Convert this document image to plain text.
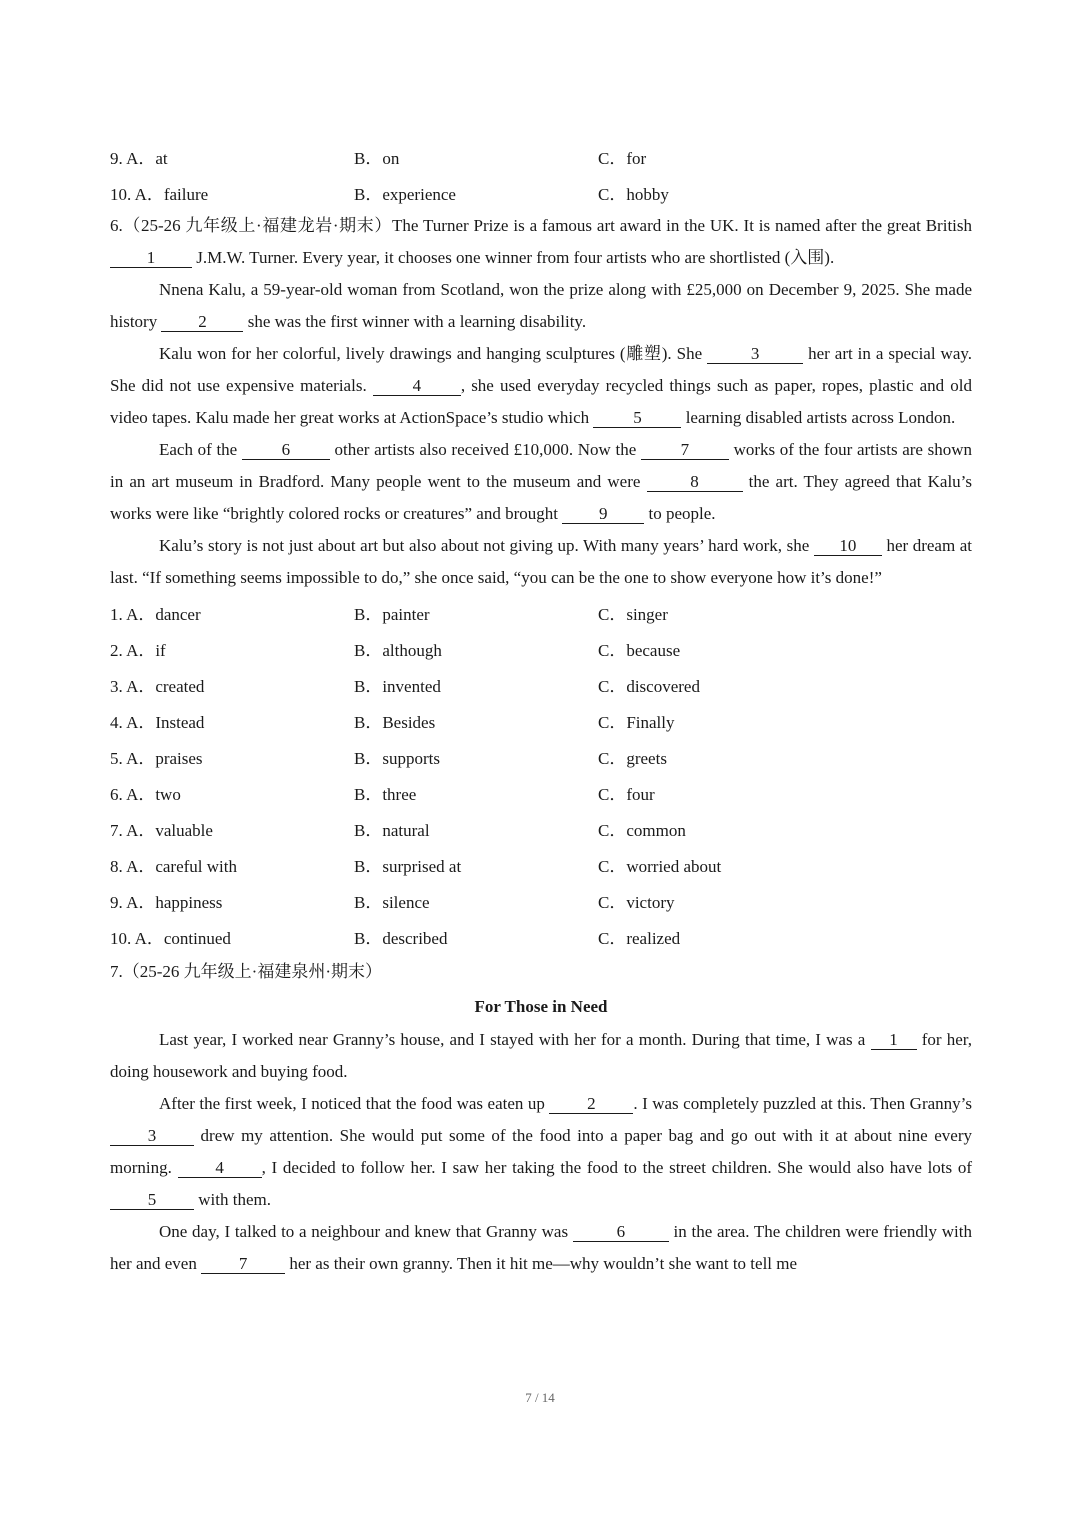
9. A．at	B．on	C．for
10. A．failure	B．experience	C．hobby

6.（25-26 九年级上·福建龙岩·期末）The Turner Prize is a famous art award in the UK. It is named after the great British 1 J.M.W. Turner. Every year, it chooses one winner from four artists who are shortlisted (入围).

Nnena Kalu, a 59-year-old woman from Scotland, won the prize along with £25,000 on December 9, 2025. She made history 2 she was the first winner with a learning disability.

Kalu won for her colorful, lively drawings and hanging sculptures (雕塑). She	3	her art in a special way. She did not use expensive materials.	4 , she used everyday recycled things such as paper, ropes, plastic and old video tapes. Kalu made her great works at ActionSpace’s studio which	5	learning disabled artists across London.

Each of the	6	other artists also received £10,000. Now the	7	works of the four artists are shown in an art museum in Bradford. Many people went to the museum and were	8	the art. They agreed that Kalu’s works were like “brightly colored rocks or creatures” and brought 9 to people.

Kalu’s story is not just about art but also about not giving up. With many years’ hard work, she 10 her dream at last. “If something seems impossible to do,” she once said, “you can be the one to show everyone how it’s done!”

1. A．dancer	B．painter	C．singer
2. A．if	B．although	C．because
3. A．created	B．invented	C．discovered
4. A．Instead	B．Besides	C．Finally
5. A．praises	B．supports	C．greets
6. A．two	B．three	C．four
7. A．valuable	B．natural	C．common
8. A．careful with	B．surprised at	C．worried about
9. A．happiness	B．silence	C．victory
10. A．continued	B．described	C．realized

7.（25-26 九年级上·福建泉州·期末）

For Those in Need

Last year, I worked near Granny’s house, and I stayed with her for a month. During that time, I was a 1 for her, doing housework and buying food.

After the first week, I noticed that the food was eaten up 2 . I was completely puzzled at this. Then Granny’s 3	drew my attention. She would put some of the food into a paper bag and go out with it at about nine every morning.	4 , I decided to follow her. I saw her taking the food to the street children. She would also have lots of 5 with them.

One day, I talked to a neighbour and knew that Granny was	6	in the area. The children were friendly with her and even 7 her as their own granny. Then it hit me—why wouldn’t she want to tell me

7 / 14
